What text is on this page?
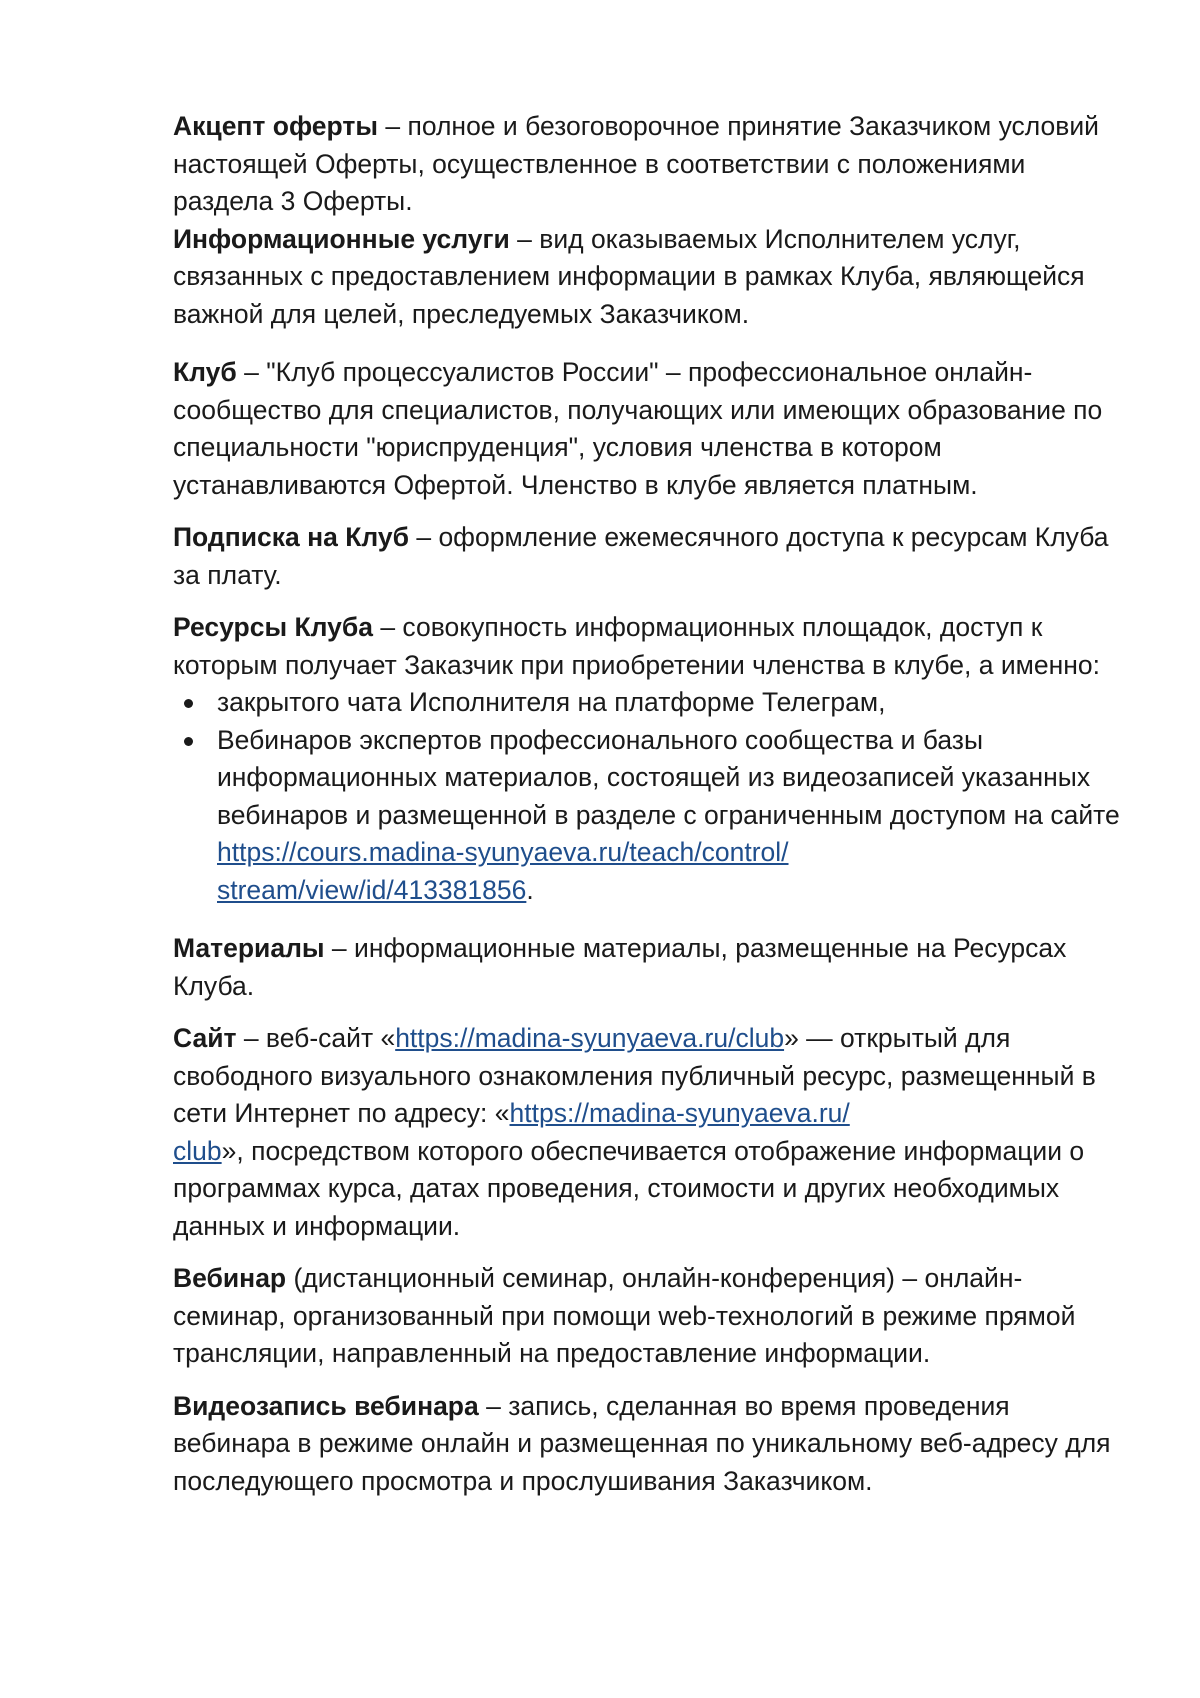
Акцепт оферты – полное и безоговорочное принятие Заказчиком условий настоящей Оферты, осуществленное в соответствии с положениями раздела 3 Оферты.

Информационные услуги – вид оказываемых Исполнителем услуг, связанных с предоставлением информации в рамках Клуба, являющейся важной для целей, преследуемых Заказчиком.

Клуб – "Клуб процессуалистов России" – профессиональное онлайн-сообщество для специалистов, получающих или имеющих образование по специальности "юриспруденция", условия членства в котором устанавливаются Офертой. Членство в клубе является платным.

Подписка на Клуб – оформление ежемесячного доступа к ресурсам Клуба за плату.

Ресурсы Клуба – совокупность информационных площадок, доступ к которым получает Заказчик при приобретении членства в клубе, а именно:

закрытого чата Исполнителя на платформе Телеграм,
Вебинаров экспертов профессионального сообщества и базы информационных материалов, состоящей из видеозаписей указанных вебинаров и размещенной в разделе с ограниченным доступом на сайте https://cours.madina-syunyaeva.ru/teach/control/
stream/view/id/413381856.

Материалы – информационные материалы, размещенные на Ресурсах Клуба.

Сайт – веб-сайт «https://madina-syunyaeva.ru/club» — открытый для свободного визуального ознакомления публичный ресурс, размещенный в сети Интернет по адресу: «https://madina-syunyaeva.ru/
club», посредством которого обеспечивается отображение информации о программах курса, датах проведения, стоимости и других необходимых данных и информации.

Вебинар (дистанционный семинар, онлайн-конференция) – онлайн-семинар, организованный при помощи web-технологий в режиме прямой трансляции, направленный на предоставление информации.

Видеозапись вебинара – запись, сделанная во время проведения вебинара в режиме онлайн и размещенная по уникальному веб-адресу для последующего просмотра и прослушивания Заказчиком.
